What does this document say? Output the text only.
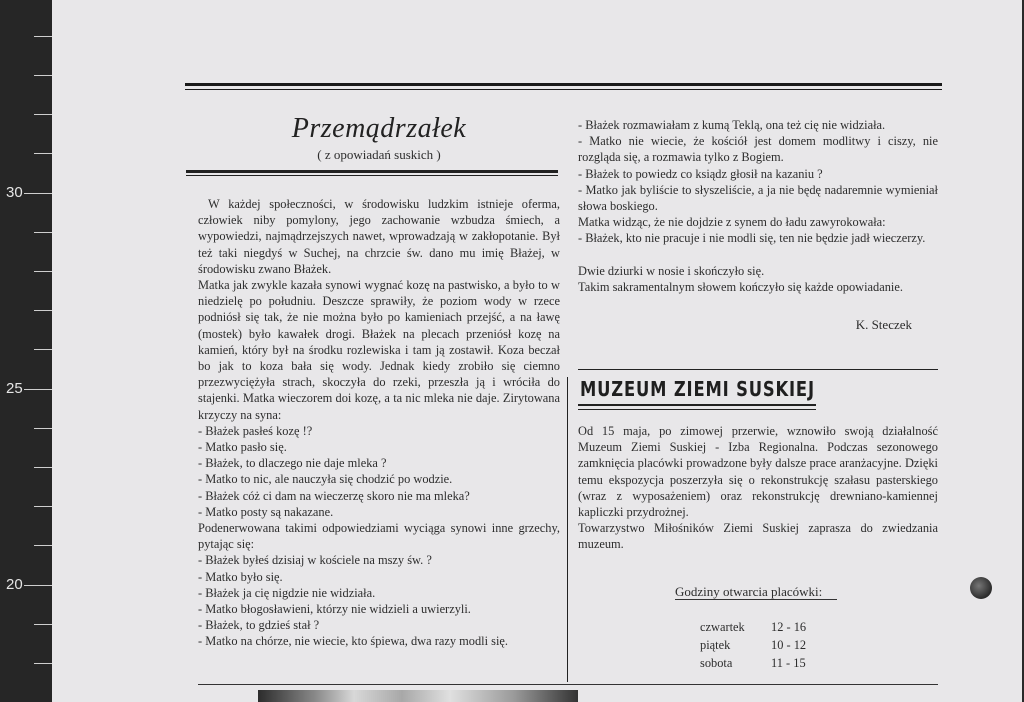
30
25
20
Przemądrzałek
( z opowiadań suskich )

W każdej społeczności, w środowisku ludzkim istnieje oferma, człowiek niby pomylony, jego zachowanie wzbudza śmiech, a wypowiedzi, najmądrzejszych nawet, wprowadzają w zakłopotanie. Był też taki niegdyś w Suchej, na chrzcie św. dano mu imię Błażej, w środowisku zwano Błażek.

Matka jak zwykle kazała synowi wygnać kozę na pastwisko, a było to w niedzielę po południu. Deszcze sprawiły, że poziom wody w rzece podniósł się tak, że nie można było po kamieniach przejść, a na ławę (mostek) było kawałek drogi. Błażek na plecach przeniósł kozę na kamień, który był na środku rozlewiska i tam ją zostawił. Koza beczał bo jak to koza bała się wody. Jednak kiedy zrobiło się ciemno przezwyciężyła strach, skoczyła do rzeki, przeszła ją i wróciła do stajenki. Matka wieczorem doi kozę, a ta nic mleka nie daje. Zirytowana krzyczy na syna:

- Błażek pasłeś kozę !?

- Matko pasło się.

- Błażek, to dlaczego nie daje mleka ?

- Matko to nic, ale nauczyła się chodzić po wodzie.

- Błażek cóż ci dam na wieczerzę skoro nie ma mleka?

- Matko posty są nakazane.

Podenerwowana takimi odpowiedziami wyciąga synowi inne grzechy, pytając się:

- Błażek byłeś dzisiaj w kościele na mszy św. ?

- Matko było się.

- Błażek ja cię nigdzie nie widziała.

- Matko błogosławieni, którzy nie widzieli a uwierzyli.

- Błażek, to gdzieś stał ?

- Matko na chórze, nie wiecie, kto śpiewa, dwa razy modli się.

- Błażek rozmawiałam z kumą Teklą, ona też cię nie widziała.

- Matko nie wiecie, że kościół jest domem modlitwy i ciszy, nie rozgląda się, a rozmawia tylko z Bogiem.

- Błażek to powiedz co ksiądz głosił na kazaniu ?

- Matko jak byliście to słyszeliście, a ja nie będę nadaremnie wymieniał słowa boskiego.

Matka widząc, że nie dojdzie z synem do ładu zawyrokowała:

- Błażek, kto nie pracuje i nie modli się, ten nie będzie jadł wieczerzy.

Dwie dziurki w nosie i skończyło się.

Takim sakramentalnym słowem kończyło się każde opowiadanie.

K. Steczek
MUZEUM ZIEMI SUSKIEJ

Od 15 maja, po zimowej przerwie, wznowiło swoją działalność Muzeum Ziemi Suskiej - Izba Regionalna. Podczas sezonowego zamknięcia placówki prowadzone były dalsze prace aranżacyjne. Dzięki temu ekspozycja poszerzyła się o rekonstrukcję szałasu pasterskiego (wraz z wyposażeniem) oraz rekonstrukcję drewniano-kamiennej kapliczki przydrożnej.

Towarzystwo Miłośników Ziemi Suskiej zaprasza do zwiedzania muzeum.

Godziny otwarcia placówki:
czwartek	12 - 16
piątek	10 - 12
sobota	11 - 15
